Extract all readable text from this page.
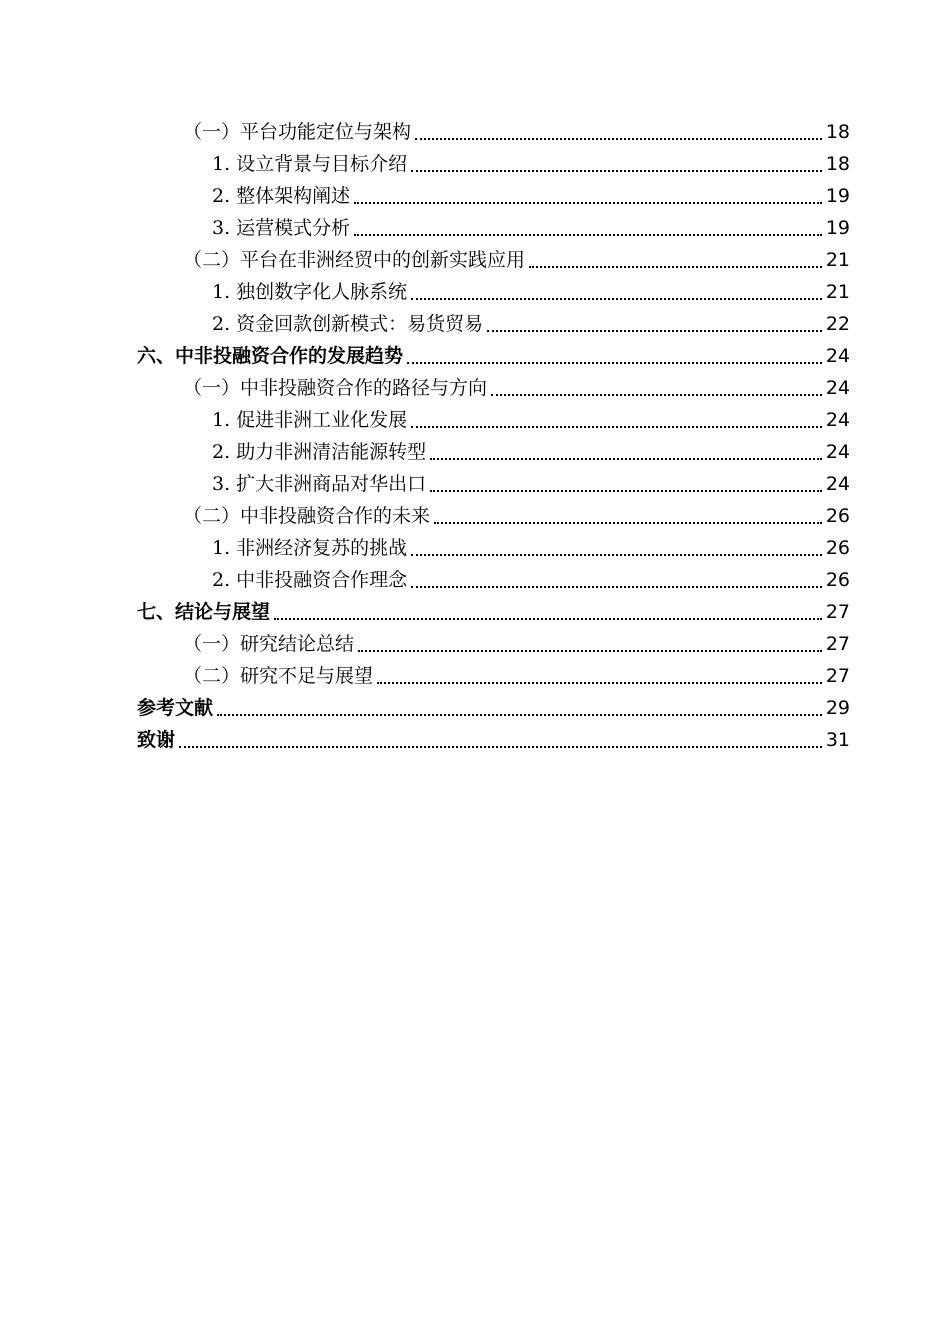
（一）平台功能定位与架构	18
1. 设立背景与目标介绍	18
2. 整体架构阐述	19
3. 运营模式分析	19
（二）平台在非洲经贸中的创新实践应用	21
1. 独创数字化人脉系统	21
2. 资金回款创新模式：易货贸易	22
六、中非投融资合作的发展趋势	24
（一）中非投融资合作的路径与方向	24
1. 促进非洲工业化发展	24
2. 助力非洲清洁能源转型	24
3. 扩大非洲商品对华出口	24
（二）中非投融资合作的未来	26
1. 非洲经济复苏的挑战	26
2. 中非投融资合作理念	26
七、结论与展望	27
（一）研究结论总结	27
（二）研究不足与展望	27
参考文献	29
致谢	31
